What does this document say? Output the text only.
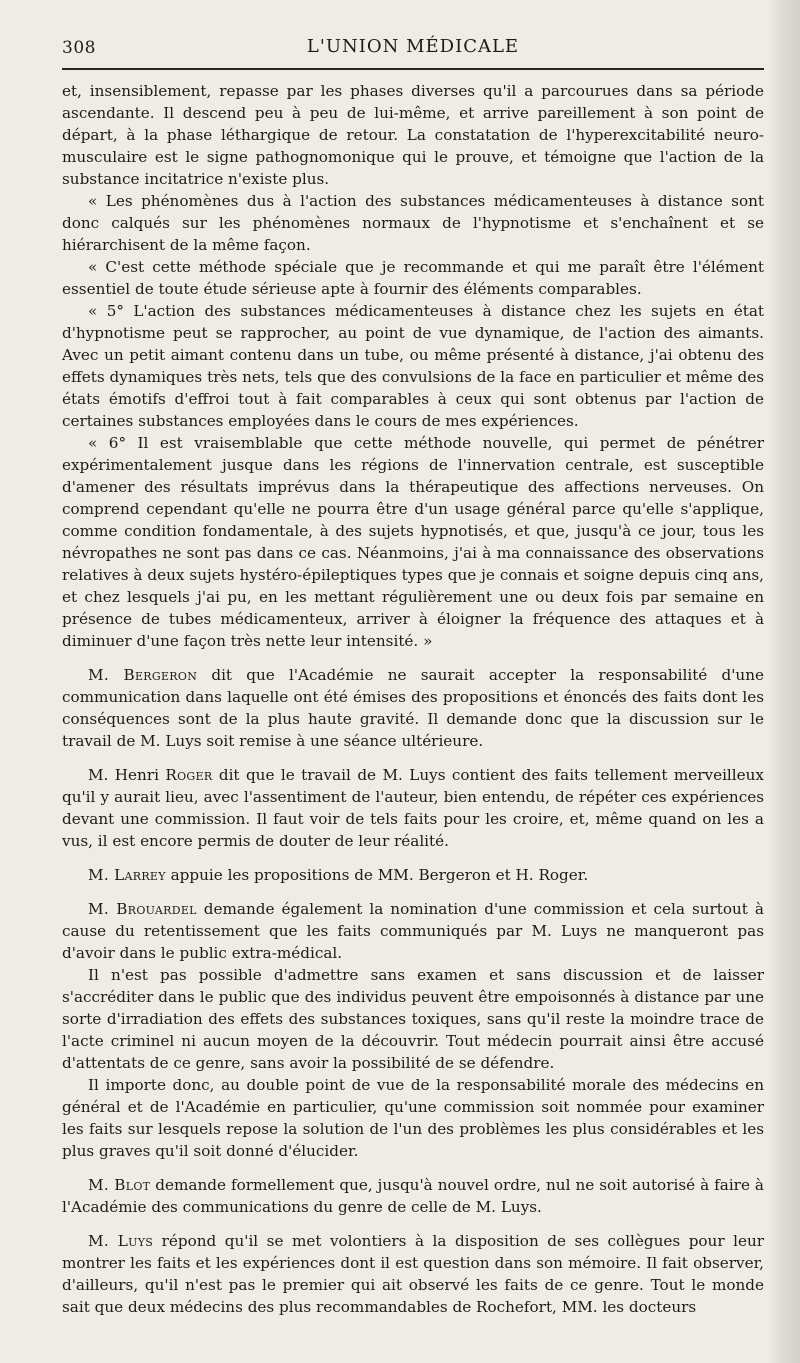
308	L'UNION MÉDICALE

et, insensiblement, repasse par les phases diverses qu'il a parcourues dans sa période ascendante. Il descend peu à peu de lui-même, et arrive pareillement à son point de départ, à la phase léthargique de retour. La constatation de l'hyperexcitabilité neuro-musculaire est le signe pathognomonique qui le prouve, et témoigne que l'action de la substance incitatrice n'existe plus.

« Les phénomènes dus à l'action des substances médicamenteuses à distance sont donc calqués sur les phénomènes normaux de l'hypnotisme et s'enchaînent et se hiérarchisent de la même façon.

« C'est cette méthode spéciale que je recommande et qui me paraît être l'élément essentiel de toute étude sérieuse apte à fournir des éléments comparables.

« 5° L'action des substances médicamenteuses à distance chez les sujets en état d'hypnotisme peut se rapprocher, au point de vue dynamique, de l'action des aimants. Avec un petit aimant contenu dans un tube, ou même présenté à distance, j'ai obtenu des effets dynamiques très nets, tels que des convulsions de la face en particulier et même des états émotifs d'effroi tout à fait comparables à ceux qui sont obtenus par l'action de certaines substances employées dans le cours de mes expériences.

« 6° Il est vraisemblable que cette méthode nouvelle, qui permet de pénétrer expérimentalement jusque dans les régions de l'innervation centrale, est susceptible d'amener des résultats imprévus dans la thérapeutique des affections nerveuses. On comprend cependant qu'elle ne pourra être d'un usage général parce qu'elle s'applique, comme condition fondamentale, à des sujets hypnotisés, et que, jusqu'à ce jour, tous les névropathes ne sont pas dans ce cas. Néanmoins, j'ai à ma connaissance des observations relatives à deux sujets hystéro-épileptiques types que je connais et soigne depuis cinq ans, et chez lesquels j'ai pu, en les mettant régulièrement une ou deux fois par semaine en présence de tubes médicamenteux, arriver à éloigner la fréquence des attaques et à diminuer d'une façon très nette leur intensité. »

M. Bergeron dit que l'Académie ne saurait accepter la responsabilité d'une communication dans laquelle ont été émises des propositions et énoncés des faits dont les conséquences sont de la plus haute gravité. Il demande donc que la discussion sur le travail de M. Luys soit remise à une séance ultérieure.

M. Henri Roger dit que le travail de M. Luys contient des faits tellement merveilleux qu'il y aurait lieu, avec l'assentiment de l'auteur, bien entendu, de répéter ces expériences devant une commission. Il faut voir de tels faits pour les croire, et, même quand on les a vus, il est encore permis de douter de leur réalité.

M. Larrey appuie les propositions de MM. Bergeron et H. Roger.

M. Brouardel demande également la nomination d'une commission et cela surtout à cause du retentissement que les faits communiqués par M. Luys ne manqueront pas d'avoir dans le public extra-médical.

Il n'est pas possible d'admettre sans examen et sans discussion et de laisser s'accréditer dans le public que des individus peuvent être empoisonnés à distance par une sorte d'irradiation des effets des substances toxiques, sans qu'il reste la moindre trace de l'acte criminel ni aucun moyen de la découvrir. Tout médecin pourrait ainsi être accusé d'attentats de ce genre, sans avoir la possibilité de se défendre.

Il importe donc, au double point de vue de la responsabilité morale des médecins en général et de l'Académie en particulier, qu'une commission soit nommée pour examiner les faits sur lesquels repose la solution de l'un des problèmes les plus considérables et les plus graves qu'il soit donné d'élucider.

M. Blot demande formellement que, jusqu'à nouvel ordre, nul ne soit autorisé à faire à l'Académie des communications du genre de celle de M. Luys.

M. Luys répond qu'il se met volontiers à la disposition de ses collègues pour leur montrer les faits et les expériences dont il est question dans son mémoire. Il fait observer, d'ailleurs, qu'il n'est pas le premier qui ait observé les faits de ce genre. Tout le monde sait que deux médecins des plus recommandables de Rochefort, MM. les docteurs
